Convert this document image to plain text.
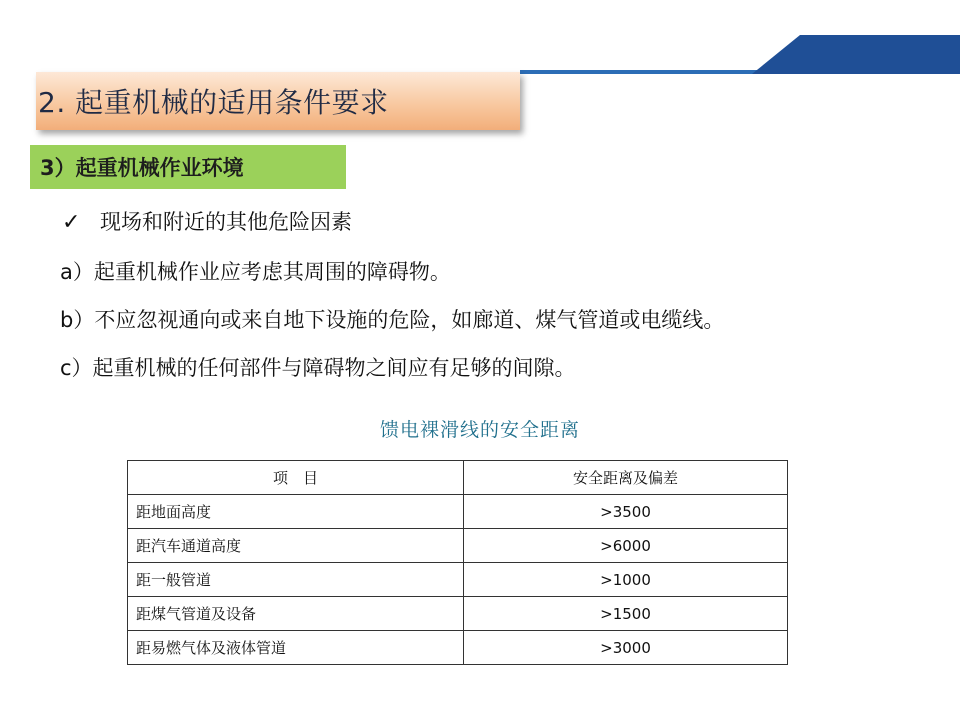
2. 起重机械的适用条件要求
3）起重机械作业环境
✓ 现场和附近的其他危险因素
a）起重机械作业应考虑其周围的障碍物。
b）不应忽视通向或来自地下设施的危险，如廊道、煤气管道或电缆线。
c）起重机械的任何部件与障碍物之间应有足够的间隙。
馈电裸滑线的安全距离
项　目	安全距离及偏差
距地面高度	>3500
距汽车通道高度	>6000
距一般管道	>1000
距煤气管道及设备	>1500
距易燃气体及液体管道	>3000
